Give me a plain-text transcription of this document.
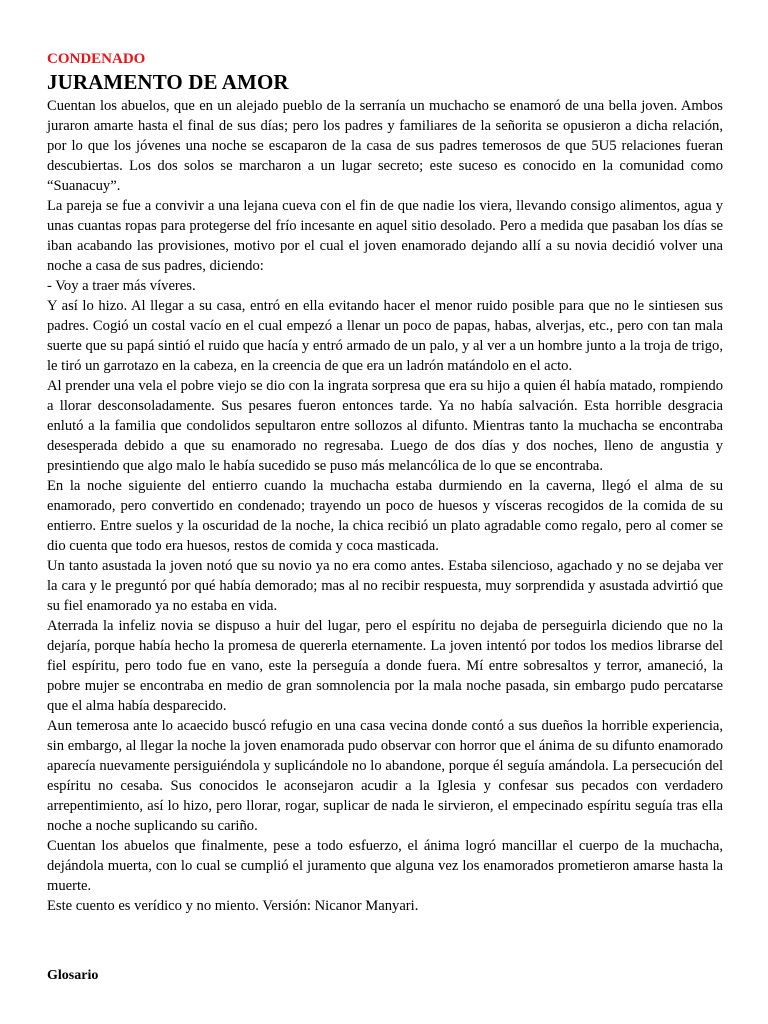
CONDENADO

JURAMENTO DE AMOR

Cuentan los abuelos, que en un alejado pueblo de la serranía un muchacho se enamoró de una bella joven. Ambos juraron amarte hasta el final de sus días; pero los padres y familiares de la señorita se opusieron a dicha relación, por lo que los jóvenes una noche se escaparon de la casa de sus padres temerosos de que 5U5 relaciones fueran descubiertas. Los dos solos se marcharon a un lugar secreto; este suceso es conocido en la comunidad como “Suanacuy”.

La pareja se fue a convivir a una lejana cueva con el fin de que nadie los viera, llevando consigo alimentos, agua y unas cuantas ropas para protegerse del frío incesante en aquel sitio desolado. Pero a medida que pasaban los días se iban acabando las provisiones, motivo por el cual el joven enamorado dejando allí a su novia decidió volver una noche a casa de sus padres, diciendo:

- Voy a traer más víveres.

Y así lo hizo. Al llegar a su casa, entró en ella evitando hacer el menor ruido posible para que no le sintiesen sus padres. Cogió un costal vacío en el cual empezó a llenar un poco de papas, habas, alverjas, etc., pero con tan mala suerte que su papá sintió el ruido que hacía y entró armado de un palo, y al ver a un hombre junto a la troja de trigo, le tiró un garrotazo en la cabeza, en la creencia de que era un ladrón matándolo en el acto.

Al prender una vela el pobre viejo se dio con la ingrata sorpresa que era su hijo a quien él había matado, rompiendo a llorar desconsoladamente. Sus pesares fueron entonces tarde. Ya no había salvación. Esta horrible desgracia enlutó a la familia que condolidos sepultaron entre sollozos al difunto. Mientras tanto la muchacha se encontraba desesperada debido a que su enamorado no regresaba. Luego de dos días y dos noches, lleno de angustia y presintiendo que algo malo le había sucedido se puso más melancólica de lo que se encontraba.

En la noche siguiente del entierro cuando la muchacha estaba durmiendo en la caverna, llegó el alma de su enamorado, pero convertido en condenado; trayendo un poco de huesos y vísceras recogidos de la comida de su entierro. Entre suelos y la oscuridad de la noche, la chica recibió un plato agradable como regalo, pero al comer se dio cuenta que todo era huesos, restos de comida y coca masticada.

Un tanto asustada la joven notó que su novio ya no era como antes. Estaba silencioso, agachado y no se dejaba ver la cara y le preguntó por qué había demorado; mas al no recibir respuesta, muy sorprendida y asustada advirtió que su fiel enamorado ya no estaba en vida.

Aterrada la infeliz novia se dispuso a huir del lugar, pero el espíritu no dejaba de perseguirla diciendo que no la dejaría, porque había hecho la promesa de quererla eternamente. La joven intentó por todos los medios librarse del fiel espíritu, pero todo fue en vano, este la perseguía a donde fuera. Mí entre sobresaltos y terror, amaneció, la pobre mujer se encontraba en medio de gran somnolencia por la mala noche pasada, sin embargo pudo percatarse que el alma había desparecido.

Aun temerosa ante lo acaecido buscó refugio en una casa vecina donde contó a sus dueños la horrible experiencia, sin embargo, al llegar la noche la joven enamorada pudo observar con horror que el ánima de su difunto enamorado aparecía nuevamente persiguiéndola y suplicándole no lo abandone, porque él seguía amándola. La persecución del espíritu no cesaba. Sus conocidos le aconsejaron acudir a la Iglesia y confesar sus pecados con verdadero arrepentimiento, así lo hizo, pero llorar, rogar, suplicar de nada le sirvieron, el empecinado espíritu seguía tras ella noche a noche suplicando su cariño.

Cuentan los abuelos que finalmente, pese a todo esfuerzo, el ánima logró mancillar el cuerpo de la muchacha, dejándola muerta, con lo cual se cumplió el juramento que alguna vez los enamorados prometieron amarse hasta la muerte.

Este cuento es verídico y no miento. Versión: Nicanor Manyari.

Glosario
